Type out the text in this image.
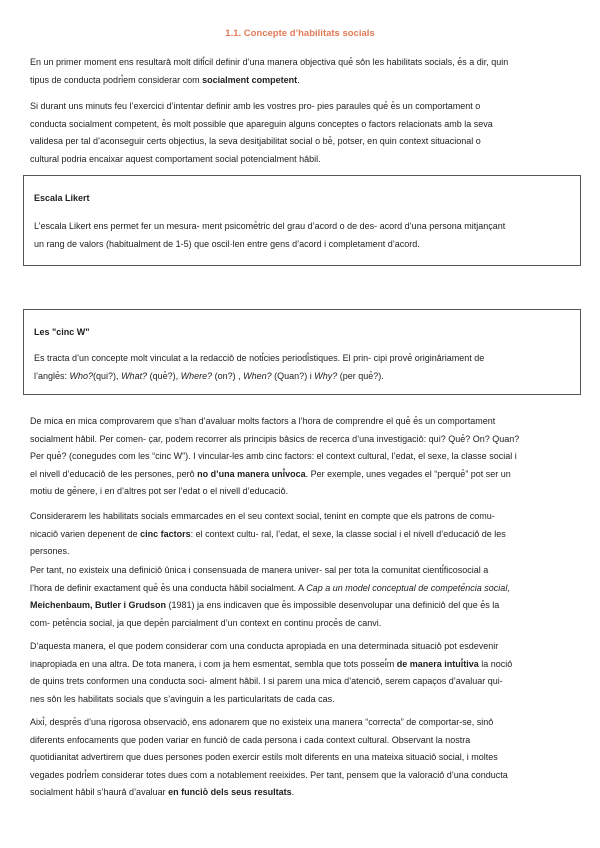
1.1. Concepte d’habilitats socials

En un primer moment ens resultara̎ molt difi̎cil definir d’una manera objectiva que̎ so̎n les habilitats socials, e̎s a dir, quin
tipus de conducta podri̎em considerar com socialment competent.

Si durant uns minuts feu l’exercici d’intentar definir amb les vostres pro- pies paraules que̎ e̎s un comportament o
conducta socialment competent, e̎s molt possible que apareguin alguns conceptes o factors relacionats amb la seva
validesa per tal d’aconseguir certs objectius, la seva desitjabilitat social o be̎, potser, en quin context situacional o
cultural podria encaixar aquest comportament social potencialment ha̎bil.

Escala Likert

L’escala Likert ens permet fer un mesura- ment psicome̎tric del grau d’acord o de des- acord d’una persona mitjanc̦ant
un rang de valors (habitualment de 1-5) que oscil·len entre gens d’acord i completament d’acord.

Les "cinc W"

Es tracta d’un concepte molt vinculat a la redaccio̎ de noti̎cies periodi̎stiques. El prin- cipi prove̎ origina̎riament de
l’angle̎s: Who?(qui?), What? (que̎?), Where? (on?) , When? (Quan?) i Why? (per que̎?).

De mica en mica comprovarem que s’han d’avaluar molts factors a l’hora de comprendre el que̎ e̎s un comportament
socialment ha̎bil. Per comen- c̦ar, podem recorrer als principis ba̎sics de recerca d’una investigacio̎: qui? Que̎? On? Quan?
Per que̎? (conegudes com les “cinc W”). I vincular-les amb cinc factors: el context cultural, l’edat, el sexe, la classe social i
el nivell d’educacio̎ de les persones, pero̎ no d’una manera uni̎voca. Per exemple, unes vegades el “perque̎” pot ser un
motiu de ge̎nere, i en d’altres pot ser l’edat o el nivell d’educacio̎.

Considerarem les habilitats socials emmarcades en el seu context social, tenint en compte que els patrons de comu-
nicacio̎ varien depenent de cinc factors: el context cultu- ral, l’edat, el sexe, la classe social i el nivell d’educacio̎ de les
persones.

Per tant, no existeix una definicio̎ u̎nica i consensuada de manera univer- sal per tota la comunitat cienti̎ficosocial a
l’hora de definir exactament que̎ e̎s una conducta ha̎bil socialment. A Cap a un model conceptual de compete̎ncia social,
Meichenbaum, Butler i Grudson (1981) ja ens indicaven que e̎s impossible desenvolupar una definicio̎ del que e̎s la
com- pete̎ncia social, ja que depe̎n parcialment d’un context en continu proce̎s de canvi.

D’aquesta manera, el que podem considerar com una conducta apropiada en una determinada situacio̎ pot esdevenir
inapropiada en una altra. De tota manera, i com ja hem esmentat, sembla que tots possei̎m de manera intui̎tiva la nocio̎
de quins trets conformen una conducta soci- alment ha̎bil. I si parem una mica d’atencio̎, serem capac̦os d’avaluar qui-
nes so̎n les habilitats socials que s’avinguin a les particularitats de cada cas.

Aixi̎, despre̎s d’una rigorosa observacio̎, ens adonarem que no existeix una manera “correcta” de comportar-se, sino̎
diferents enfocaments que poden variar en funcio̎ de cada persona i cada context cultural. Observant la nostra
quotidianitat advertirem que dues persones poden exercir estils molt diferents en una mateixa situacio̎ social, i moltes
vegades podri̎em considerar totes dues com a notablement reeixides. Per tant, pensem que la valoracio̎ d’una conducta
socialment ha̎bil s’haura̎ d’avaluar en funcio̎ dels seus resultats.
